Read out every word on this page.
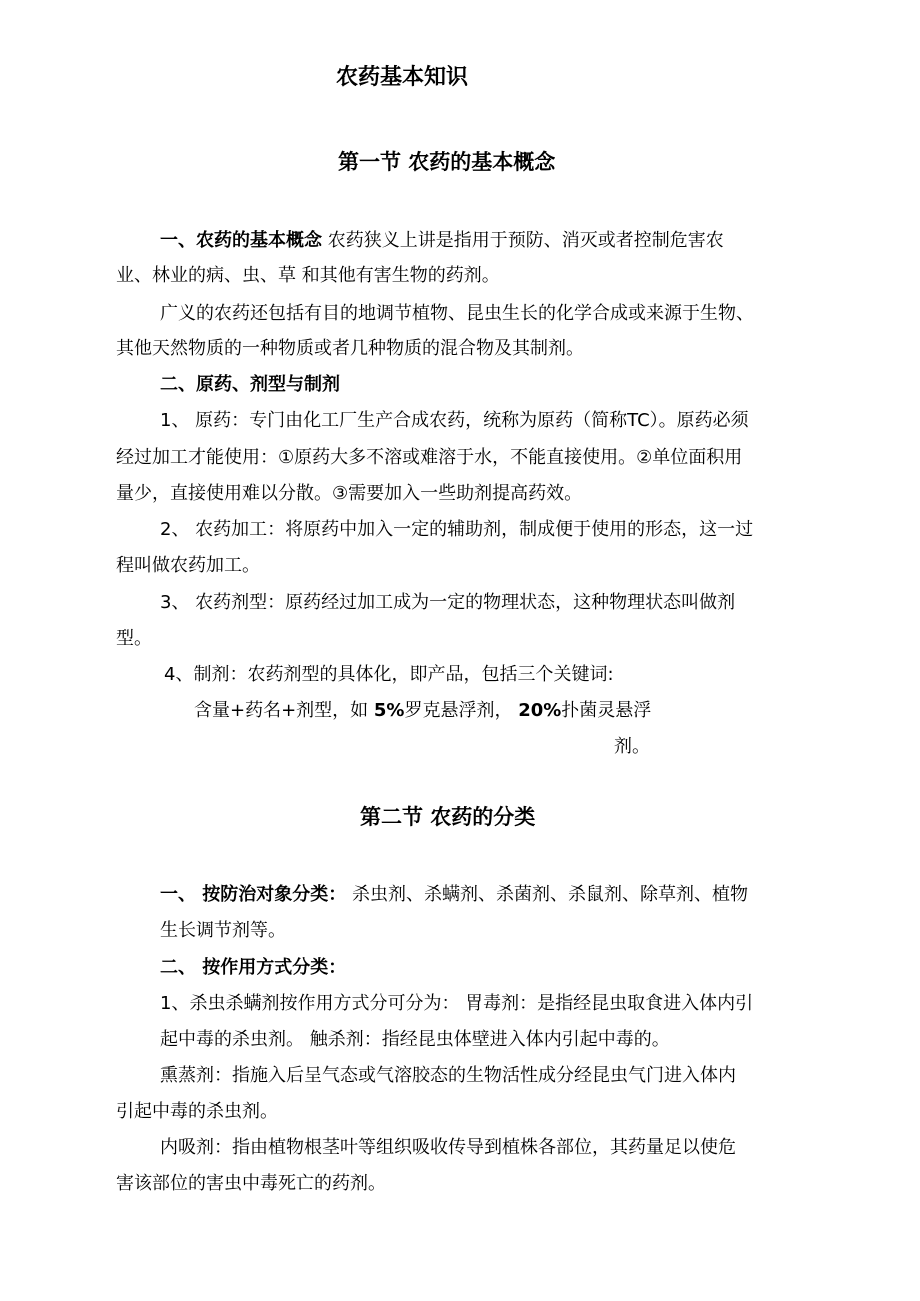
农药基本知识
第一节 农药的基本概念
一、农药的基本概念 农药狭义上讲是指用于预防、消灭或者控制危害农
业、林业的病、虫、草 和其他有害生物的药剂。
广义的农药还包括有目的地调节植物、昆虫生长的化学合成或来源于生物、
其他天然物质的一种物质或者几种物质的混合物及其制剂。
二、原药、剂型与制剂
1、 原药：专门由化工厂生产合成农药，统称为原药（简称TC）。原药必须
经过加工才能使用：①原药大多不溶或难溶于水，不能直接使用。②单位面积用
量少，直接使用难以分散。③需要加入一些助剂提高药效。
2、 农药加工：将原药中加入一定的辅助剂，制成便于使用的形态，这一过
程叫做农药加工。
3、 农药剂型：原药经过加工成为一定的物理状态，这种物理状态叫做剂
型。
4、制剂：农药剂型的具体化，即产品，包括三个关键词:
含量+药名+剂型，如 5%罗克悬浮剂， 20%扑菌灵悬浮
剂。
第二节 农药的分类
一、 按防治对象分类： 杀虫剂、杀螨剂、杀菌剂、杀鼠剂、除草剂、植物
生长调节剂等。
二、 按作用方式分类：
1、杀虫杀螨剂按作用方式分可分为： 胃毒剂：是指经昆虫取食进入体内引
起中毒的杀虫剂。 触杀剂：指经昆虫体壁进入体内引起中毒的。
熏蒸剂：指施入后呈气态或气溶胶态的生物活性成分经昆虫气门进入体内
引起中毒的杀虫剂。
内吸剂：指由植物根茎叶等组织吸收传导到植株各部位，其药量足以使危
害该部位的害虫中毒死亡的药剂。
